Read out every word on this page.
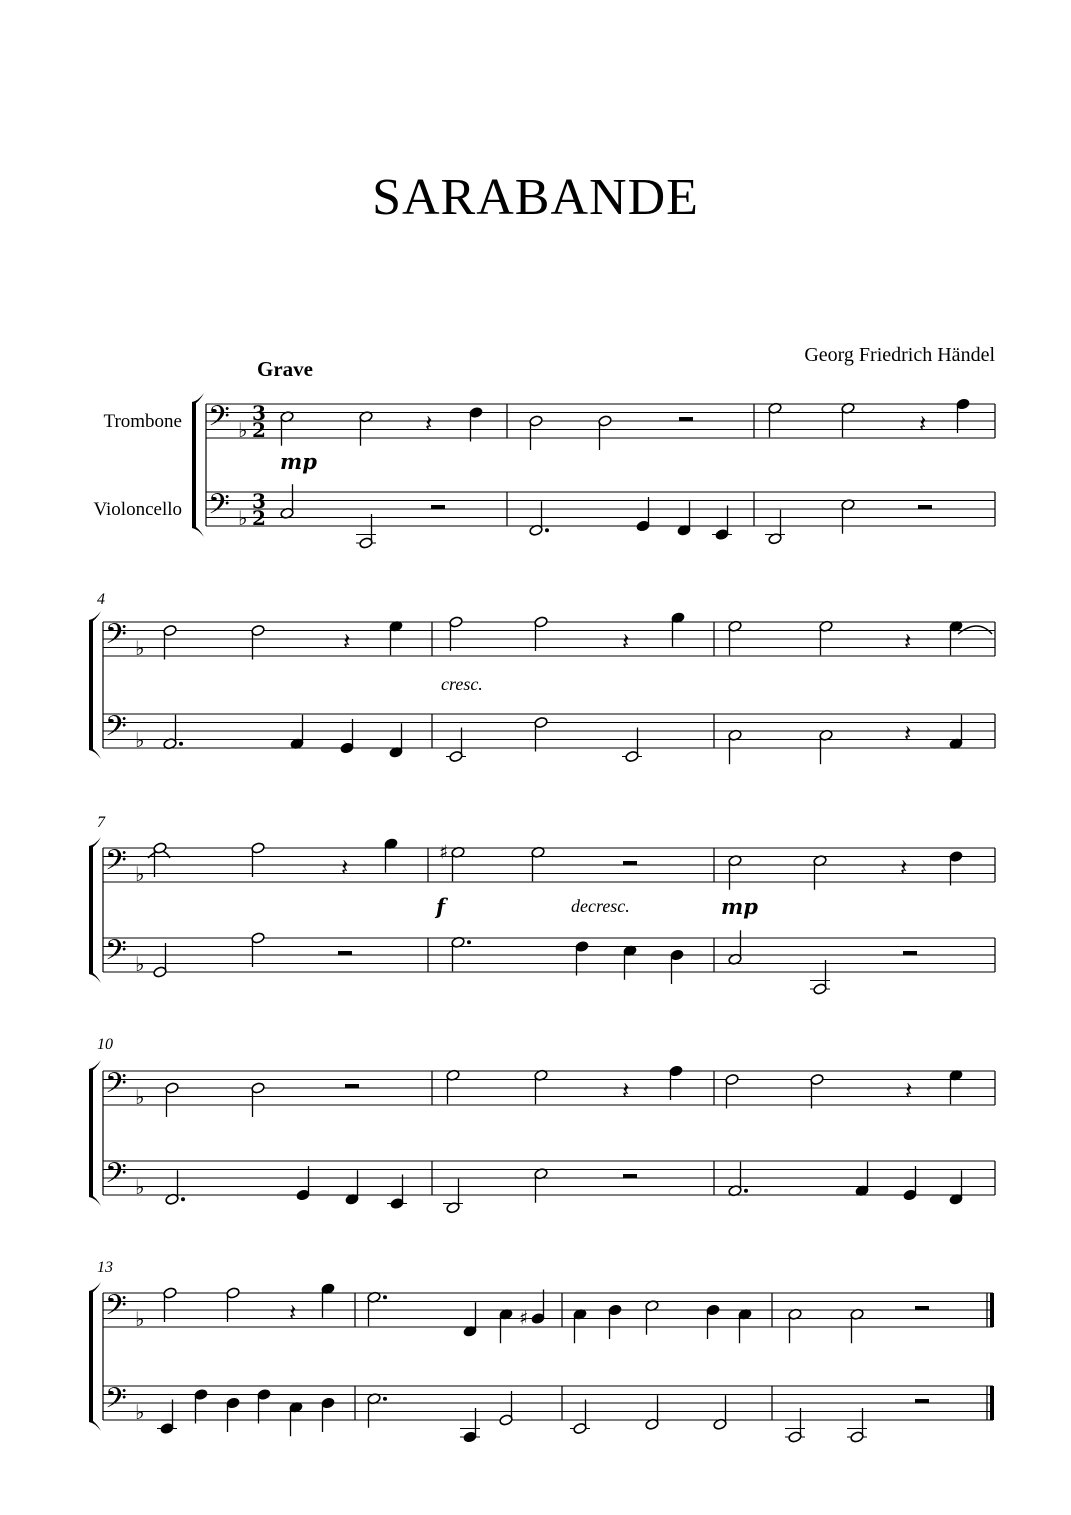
SARABANDE
Georg Friedrich Händel
Grave
Trombone
Violoncello
𝄢 ♭
3
2
𝄢 ♭
3
2
𝄢 ♭
𝄢 ♭
𝄢 ♭
𝄢 ♭
𝄢 ♭
𝄢 ♭
𝄢 ♭
𝄢 ♭
𝄽	𝄽
𝄽	𝄽	𝄽
𝄽
𝄽
♯
𝄽
𝄽	𝄽
𝄽	♯
4
7
10
13
mp
cresc.
f	decresc.	mp
